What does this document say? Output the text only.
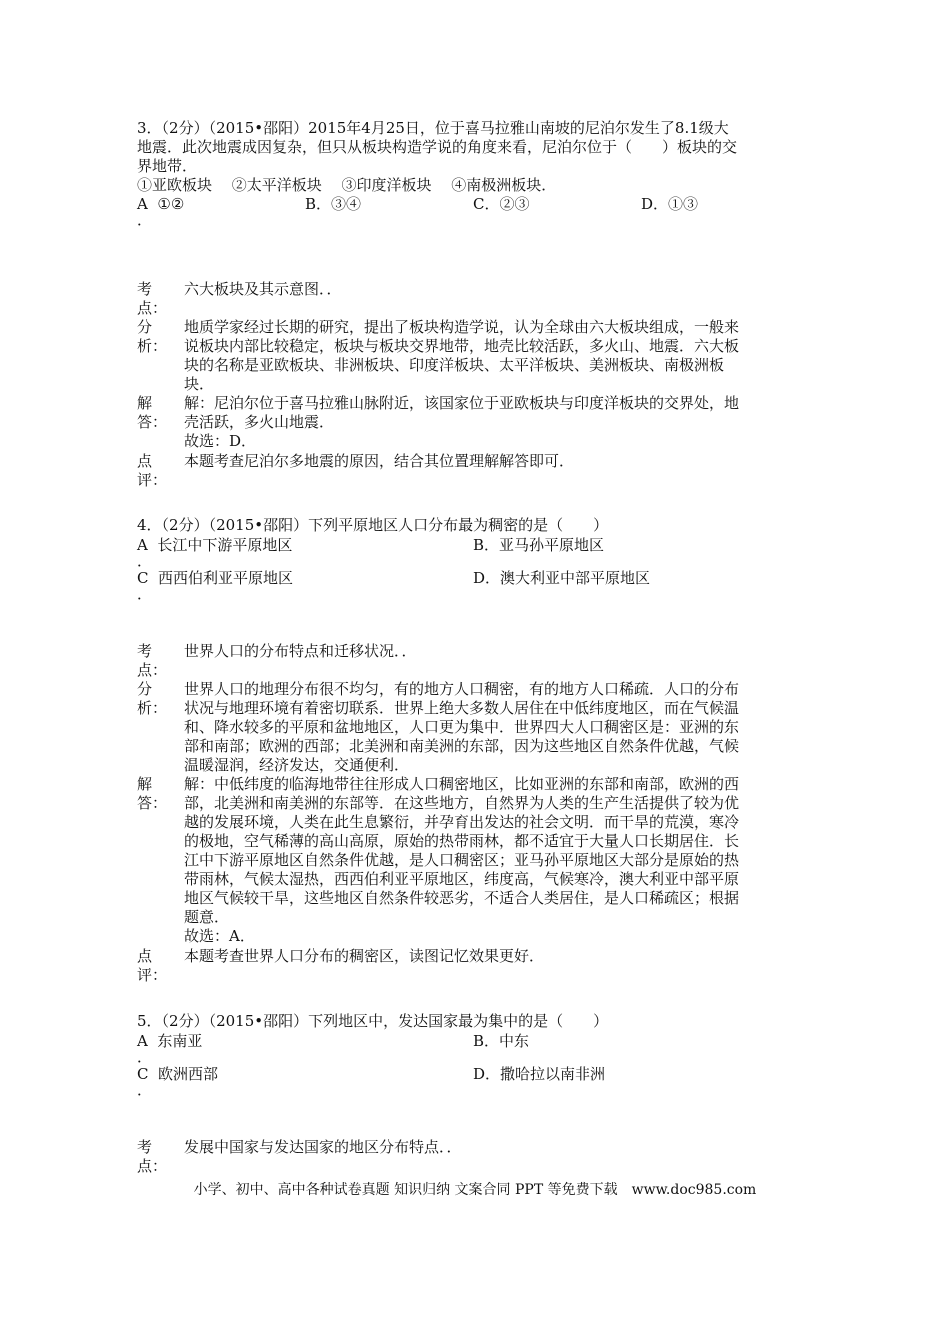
3．（2分）（2015•邵阳）2015年4月25日，位于喜马拉雅山南坡的尼泊尔发生了8.1级大
地震．此次地震成因复杂，但只从板块构造学说的角度来看，尼泊尔位于（　　）板块的交
界地带．
①亚欧板块　 ②太平洋板块　 ③印度洋板块　 ④南极洲板块．
A ①②	B．③④	C．②③	D．①③
．
考
点：
六大板块及其示意图．．
分
析：
地质学家经过长期的研究，提出了板块构造学说，认为全球由六大板块组成，一般来
说板块内部比较稳定，板块与板块交界地带，地壳比较活跃，多火山、地震．六大板
块的名称是亚欧板块、非洲板块、印度洋板块、太平洋板块、美洲板块、南极洲板
块．
解
答：
解：尼泊尔位于喜马拉雅山脉附近，该国家位于亚欧板块与印度洋板块的交界处，地
壳活跃，多火山地震．
故选：D．
点
评：
本题考查尼泊尔多地震的原因，结合其位置理解解答即可．
4．（2分）（2015•邵阳）下列平原地区人口分布最为稠密的是（　　）
A 长江中下游平原地区	B．亚马孙平原地区
．
C 西西伯利亚平原地区	D．澳大利亚中部平原地区
．
考
点：
世界人口的分布特点和迁移状况．．
分
析：
世界人口的地理分布很不均匀，有的地方人口稠密，有的地方人口稀疏．人口的分布
状况与地理环境有着密切联系．世界上绝大多数人居住在中低纬度地区，而在气候温
和、降水较多的平原和盆地地区，人口更为集中．世界四大人口稠密区是：亚洲的东
部和南部；欧洲的西部；北美洲和南美洲的东部，因为这些地区自然条件优越，气候
温暖湿润，经济发达，交通便利．
解
答：
解：中低纬度的临海地带往往形成人口稠密地区，比如亚洲的东部和南部，欧洲的西
部，北美洲和南美洲的东部等．在这些地方，自然界为人类的生产生活提供了较为优
越的发展环境，人类在此生息繁衍，并孕育出发达的社会文明．而干旱的荒漠，寒冷
的极地，空气稀薄的高山高原，原始的热带雨林，都不适宜于大量人口长期居住．长
江中下游平原地区自然条件优越，是人口稠密区；亚马孙平原地区大部分是原始的热
带雨林，气候太湿热，西西伯利亚平原地区，纬度高，气候寒冷，澳大利亚中部平原
地区气候较干旱，这些地区自然条件较恶劣，不适合人类居住，是人口稀疏区；根据
题意．
故选：A．
点
评：
本题考查世界人口分布的稠密区，读图记忆效果更好．
5．（2分）（2015•邵阳）下列地区中，发达国家最为集中的是（　　）
A 东南亚	B．中东
．
C 欧洲西部	D．撒哈拉以南非洲
．
考
点：
发展中国家与发达国家的地区分布特点．．
小学、初中、高中各种试卷真题 知识归纳 文案合同 PPT 等免费下载　www.doc985.com
